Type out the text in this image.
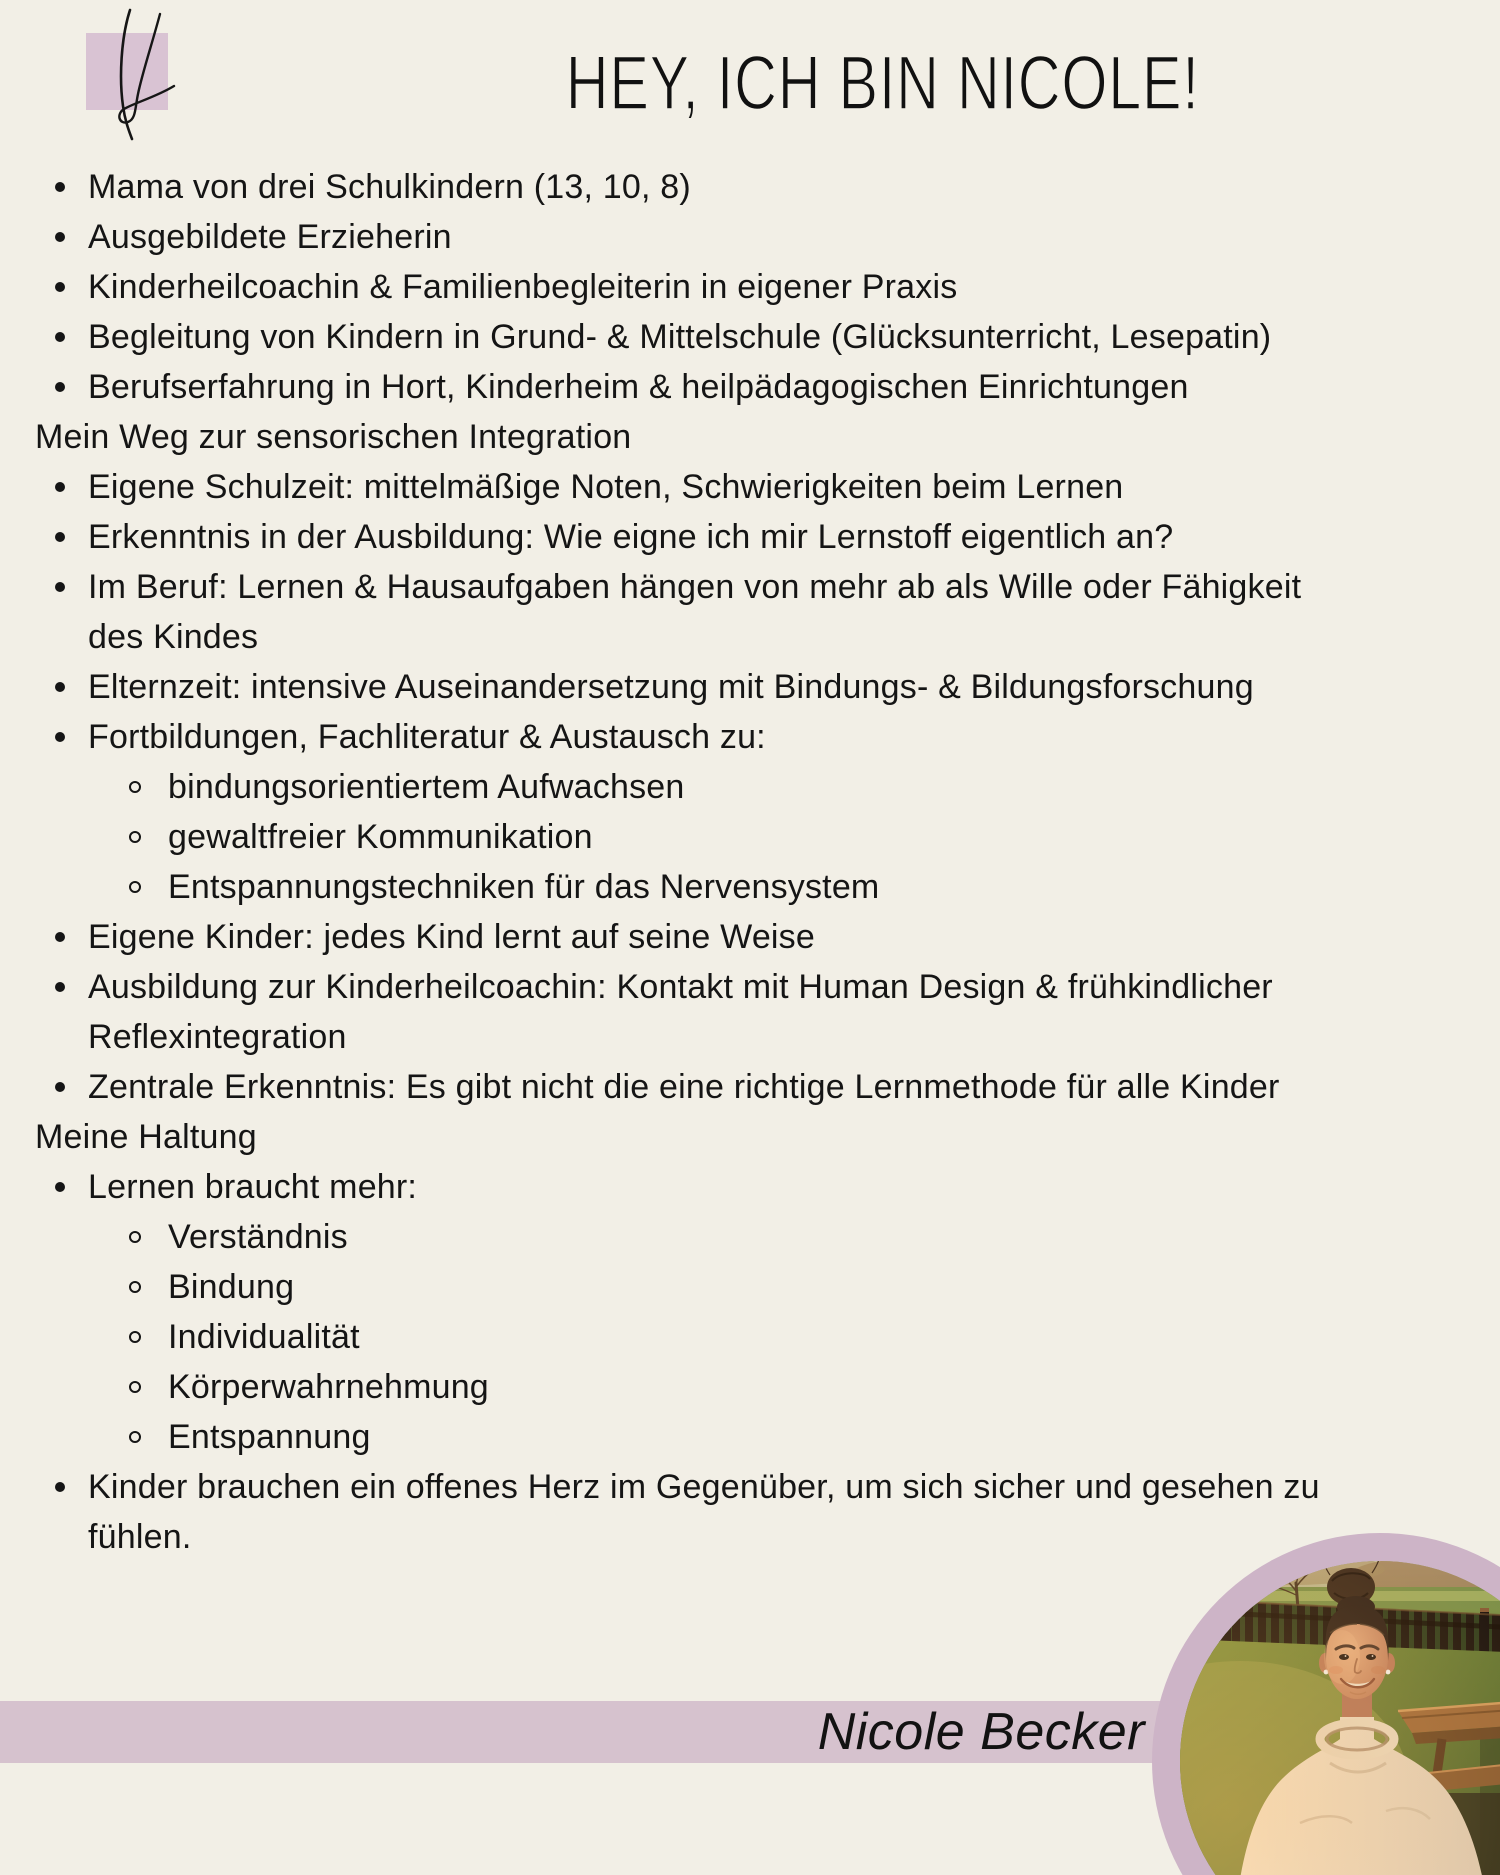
HEY, ICH BIN NICOLE!
Mama von drei Schulkindern (13, 10, 8)
Ausgebildete Erzieherin
Kinderheilcoachin & Familienbegleiterin in eigener Praxis
Begleitung von Kindern in Grund- & Mittelschule (Glücksunterricht, Lesepatin)
Berufserfahrung in Hort, Kinderheim & heilpädagogischen Einrichtungen
Mein Weg zur sensorischen Integration
Eigene Schulzeit: mittelmäßige Noten, Schwierigkeiten beim Lernen
Erkenntnis in der Ausbildung: Wie eigne ich mir Lernstoff eigentlich an?
Im Beruf: Lernen & Hausaufgaben hängen von mehr ab als Wille oder Fähigkeit
des Kindes
Elternzeit: intensive Auseinandersetzung mit Bindungs- & Bildungsforschung
Fortbildungen, Fachliteratur & Austausch zu:
bindungsorientiertem Aufwachsen
gewaltfreier Kommunikation
Entspannungstechniken für das Nervensystem
Eigene Kinder: jedes Kind lernt auf seine Weise
Ausbildung zur Kinderheilcoachin: Kontakt mit Human Design & frühkindlicher
Reflexintegration
Zentrale Erkenntnis: Es gibt nicht die eine richtige Lernmethode für alle Kinder
Meine Haltung
Lernen braucht mehr:
Verständnis
Bindung
Individualität
Körperwahrnehmung
Entspannung
Kinder brauchen ein offenes Herz im Gegenüber, um sich sicher und gesehen zu
fühlen.
Nicole Becker
